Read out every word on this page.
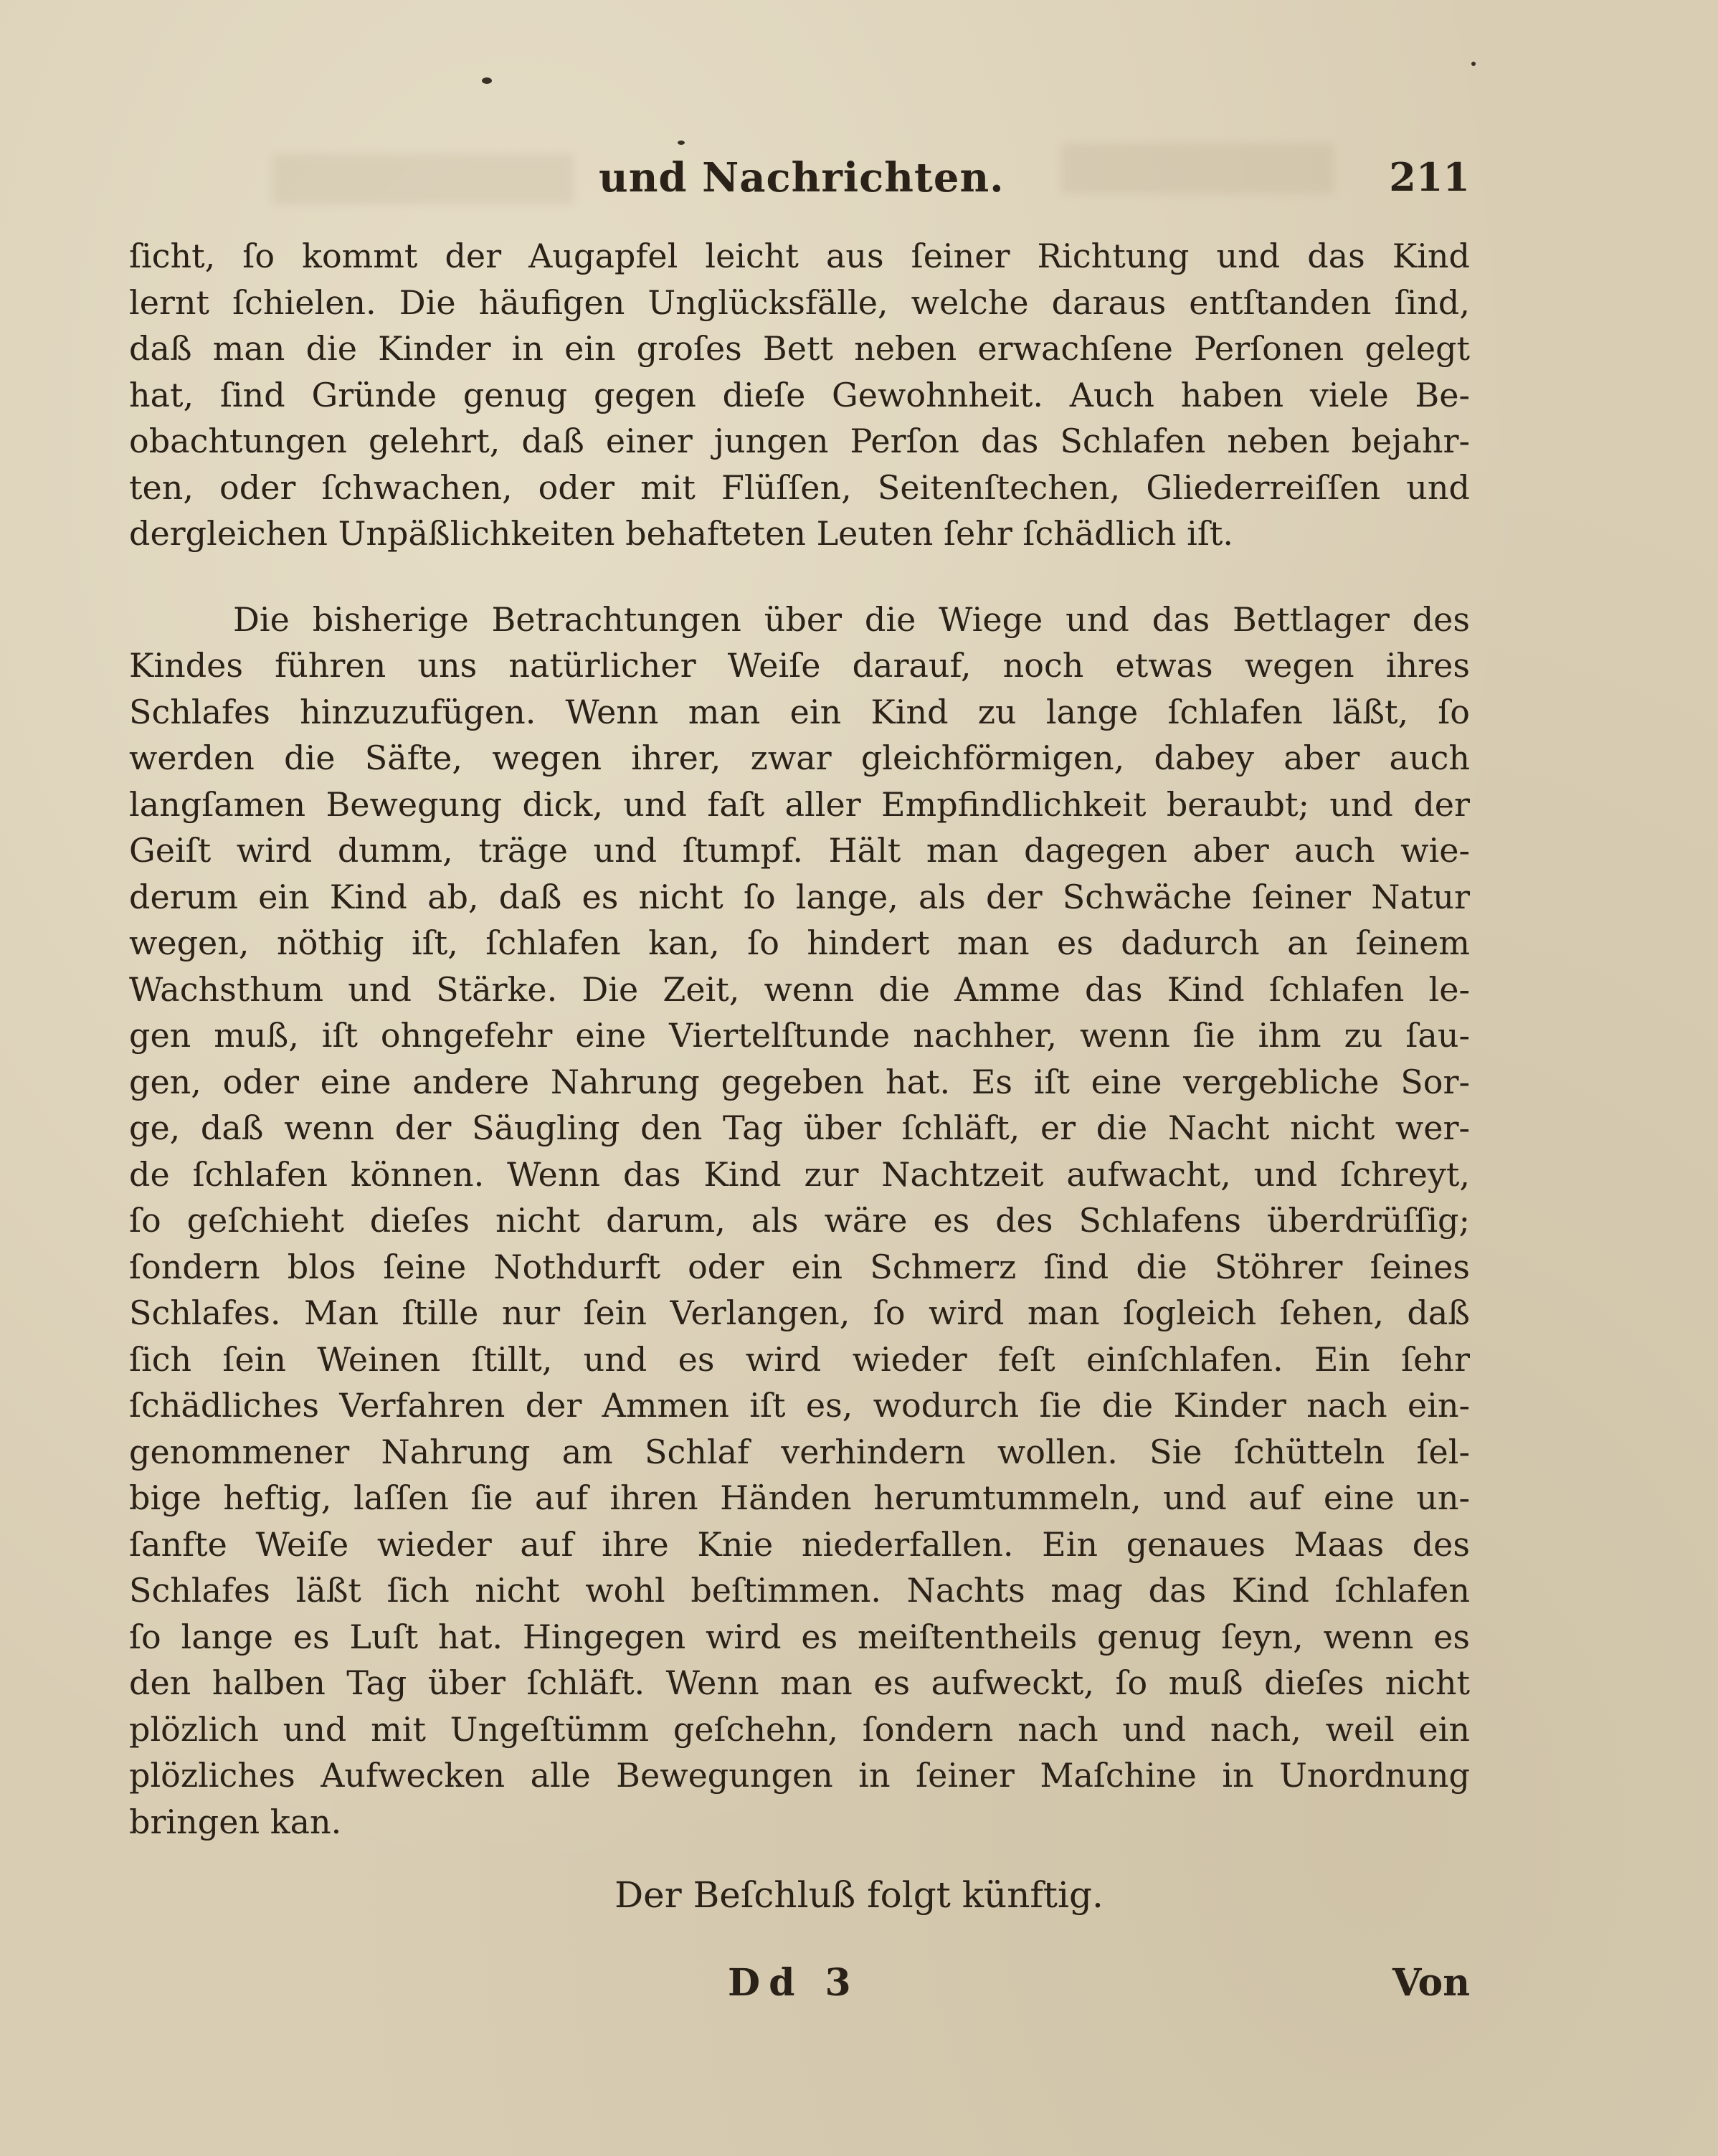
und Nachrichten.	211
ſicht, ſo kommt der Augapfel leicht aus ſeiner Richtung und das Kind
lernt ſchielen. Die häufigen Unglücksfälle, welche daraus entſtanden ſind,
daß man die Kinder in ein groſes Bett neben erwachſene Perſonen gelegt
hat, ſind Gründe genug gegen dieſe Gewohnheit. Auch haben viele Be-
obachtungen gelehrt, daß einer jungen Perſon das Schlafen neben bejahr-
ten, oder ſchwachen, oder mit Flüſſen, Seitenſtechen, Gliederreiſſen und
dergleichen Unpäßlichkeiten behafteten Leuten ſehr ſchädlich iſt.
Die bisherige Betrachtungen über die Wiege und das Bettlager des
Kindes führen uns natürlicher Weiſe darauf, noch etwas wegen ihres
Schlafes hinzuzufügen. Wenn man ein Kind zu lange ſchlafen läßt, ſo
werden die Säfte, wegen ihrer, zwar gleichförmigen, dabey aber auch
langſamen Bewegung dick, und faſt aller Empfindlichkeit beraubt; und der
Geiſt wird dumm, träge und ſtumpf. Hält man dagegen aber auch wie-
derum ein Kind ab, daß es nicht ſo lange, als der Schwäche ſeiner Natur
wegen, nöthig iſt, ſchlafen kan, ſo hindert man es dadurch an ſeinem
Wachsthum und Stärke. Die Zeit, wenn die Amme das Kind ſchlafen le-
gen muß, iſt ohngefehr eine Viertelſtunde nachher, wenn ſie ihm zu ſau-
gen, oder eine andere Nahrung gegeben hat. Es iſt eine vergebliche Sor-
ge, daß wenn der Säugling den Tag über ſchläft, er die Nacht nicht wer-
de ſchlafen können. Wenn das Kind zur Nachtzeit aufwacht, und ſchreyt,
ſo geſchieht dieſes nicht darum, als wäre es des Schlafens überdrüſſig;
ſondern blos ſeine Nothdurft oder ein Schmerz ſind die Stöhrer ſeines
Schlafes. Man ſtille nur ſein Verlangen, ſo wird man ſogleich ſehen, daß
ſich ſein Weinen ſtillt, und es wird wieder feſt einſchlafen. Ein ſehr
ſchädliches Verfahren der Ammen iſt es, wodurch ſie die Kinder nach ein-
genommener Nahrung am Schlaf verhindern wollen. Sie ſchütteln ſel-
bige heftig, laſſen ſie auf ihren Händen herumtummeln, und auf eine un-
ſanfte Weiſe wieder auf ihre Knie niederfallen. Ein genaues Maas des
Schlafes läßt ſich nicht wohl beſtimmen. Nachts mag das Kind ſchlafen
ſo lange es Luſt hat. Hingegen wird es meiſtentheils genug ſeyn, wenn es
den halben Tag über ſchläft. Wenn man es aufweckt, ſo muß dieſes nicht
plözlich und mit Ungeſtümm geſchehn, ſondern nach und nach, weil ein
plözliches Aufwecken alle Bewegungen in ſeiner Maſchine in Unordnung
bringen kan.
Der Beſchluß folgt künftig.
Dd 3	Von
